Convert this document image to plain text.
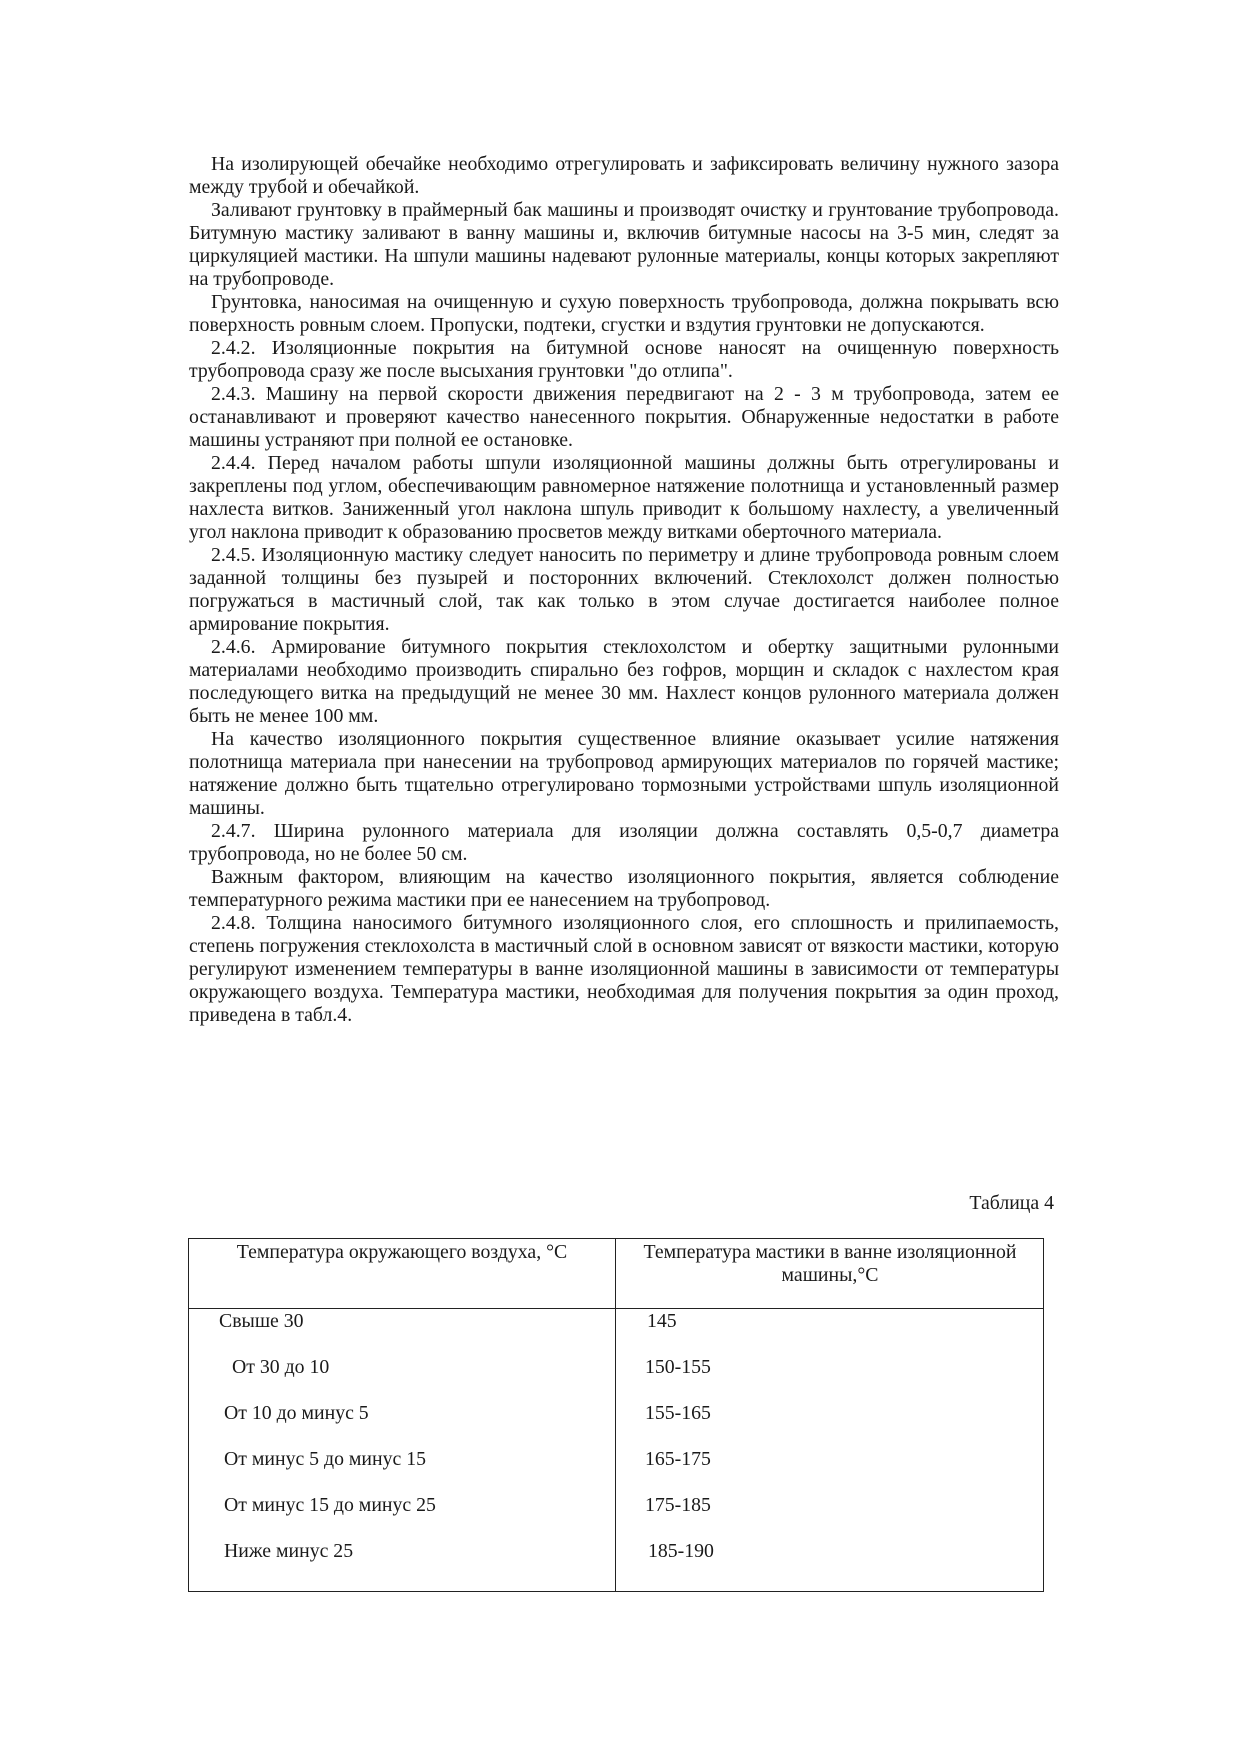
На изолирующей обечайке необходимо отрегулировать и зафиксировать величину нужного зазора между трубой и обечайкой.

Заливают грунтовку в праймерный бак машины и производят очистку и грунтование трубопровода. Битумную мастику заливают в ванну машины и, включив битумные насосы на 3-5 мин, следят за циркуляцией мастики. На шпули машины надевают рулонные материалы, концы которых закрепляют на трубопроводе.

Грунтовка, наносимая на очищенную и сухую поверхность трубопровода, должна покрывать всю поверхность ровным слоем. Пропуски, подтеки, сгустки и вздутия грунтовки не допускаются.

2.4.2. Изоляционные покрытия на битумной основе наносят на очищенную поверхность трубопровода сразу же после высыхания грунтовки "до отлипа".

2.4.3. Машину на первой скорости движения передвигают на 2 - 3 м трубопровода, затем ее останавливают и проверяют качество нанесенного покрытия. Обнаруженные недостатки в работе машины устраняют при полной ее остановке.

2.4.4. Перед началом работы шпули изоляционной машины должны быть отрегулированы и закреплены под углом, обеспечивающим равномерное натяжение полотнища и установленный размер нахлеста витков. Заниженный угол наклона шпуль приводит к большому нахлесту, а увеличенный угол наклона приводит к образованию просветов между витками оберточного материала.

2.4.5. Изоляционную мастику следует наносить по периметру и длине трубопровода ровным слоем заданной толщины без пузырей и посторонних включений. Стеклохолст должен полностью погружаться в мастичный слой, так как только в этом случае достигается наиболее полное армирование покрытия.

2.4.6. Армирование битумного покрытия стеклохолстом и обертку защитными рулонными материалами необходимо производить спирально без гофров, морщин и складок с нахлестом края последующего витка на предыдущий не менее 30 мм. Нахлест концов рулонного материала должен быть не менее 100 мм.

На качество изоляционного покрытия существенное влияние оказывает усилие натяжения полотнища материала при нанесении на трубопровод армирующих материалов по горячей мастике; натяжение должно быть тщательно отрегулировано тормозными устройствами шпуль изоляционной машины.

2.4.7. Ширина рулонного материала для изоляции должна составлять 0,5-0,7 диаметра трубопровода, но не более 50 см.

Важным фактором, влияющим на качество изоляционного покрытия, является соблюдение температурного режима мастики при ее нанесением на трубопровод.

2.4.8. Толщина наносимого битумного изоляционного слоя, его сплошность и прилипаемость, степень погружения стеклохолста в мастичный слой в основном зависят от вязкости мастики, которую регулируют изменением температуры в ванне изоляционной машины в зависимости от температуры окружающего воздуха. Температура мастики, необходимая для получения покрытия за один проход, приведена в табл.4.

Таблица 4
Температура окружающего воздуха, °С	Температура мастики в ванне изоляционной машины,°С
Свыше 30	145
От 30 до 10	150-155
От 10 до минус 5	155-165
От минус 5 до минус 15	165-175
От минус 15 до минус 25	175-185
Ниже минус 25	185-190
